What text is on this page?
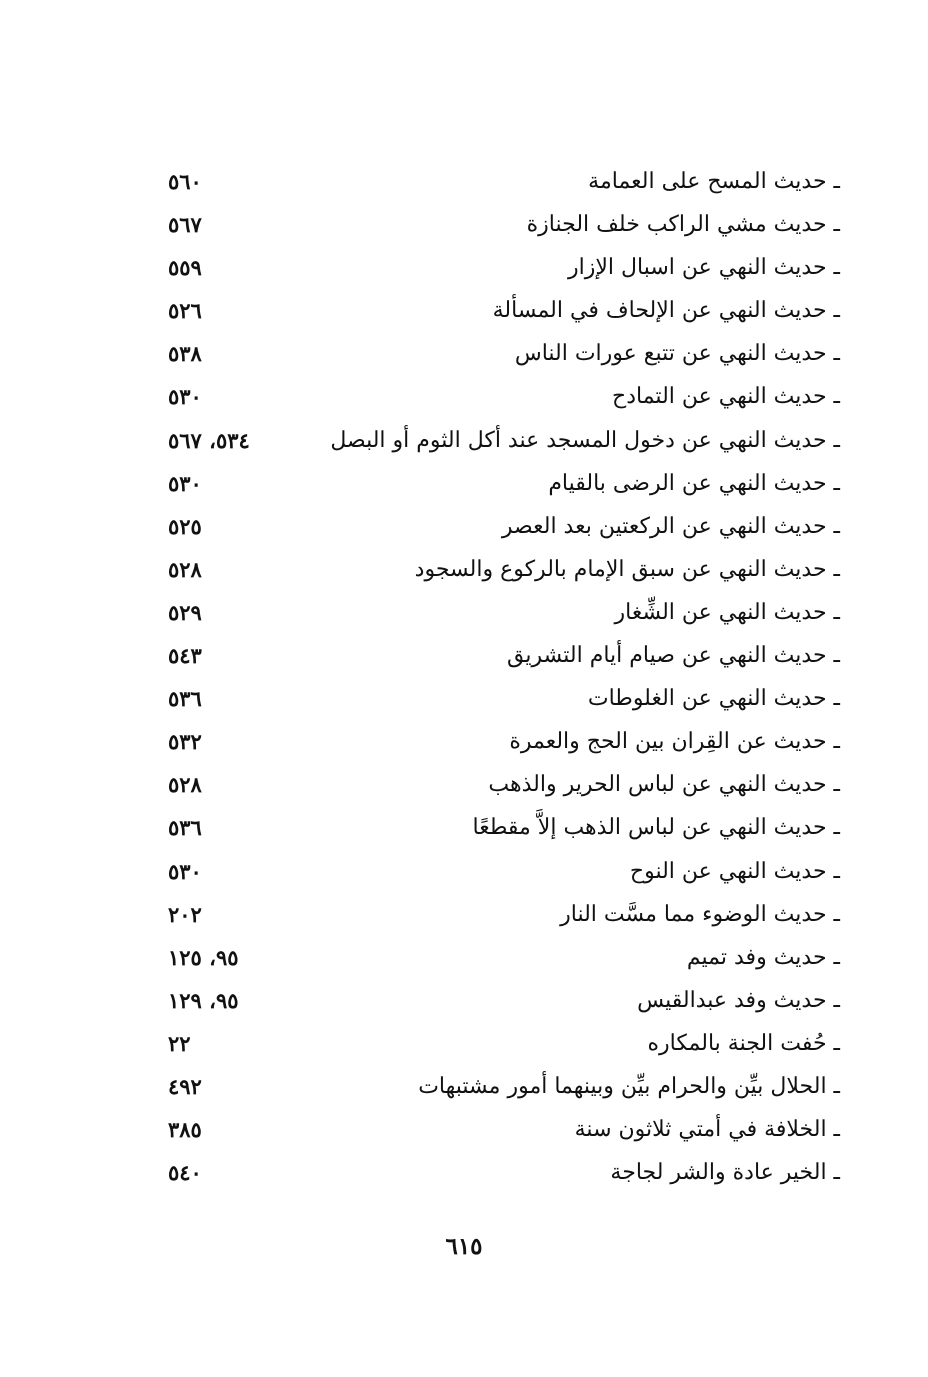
ـ حديث المسح على العمامة
٥٦٠
ـ حديث مشي الراكب خلف الجنازة
٥٦٧
ـ حديث النهي عن اسبال الإزار
٥٥٩
ـ حديث النهي عن الإلحاف في المسألة
٥٢٦
ـ حديث النهي عن تتبع عورات الناس
٥٣٨
ـ حديث النهي عن التمادح
٥٣٠
ـ حديث النهي عن دخول المسجد عند أكل الثوم أو البصل
٥٣٤، ٥٦٧
ـ حديث النهي عن الرضى بالقيام
٥٣٠
ـ حديث النهي عن الركعتين بعد العصر
٥٢٥
ـ حديث النهي عن سبق الإمام بالركوع والسجود
٥٢٨
ـ حديث النهي عن الشِّغار
٥٢٩
ـ حديث النهي عن صيام أيام التشريق
٥٤٣
ـ حديث النهي عن الغلوطات
٥٣٦
ـ حديث عن القِران بين الحج والعمرة
٥٣٢
ـ حديث النهي عن لباس الحرير والذهب
٥٢٨
ـ حديث النهي عن لباس الذهب إلاَّ مقطعًا
٥٣٦
ـ حديث النهي عن النوح
٥٣٠
ـ حديث الوضوء مما مسَّت النار
٢٠٢
ـ حديث وفد تميم
٩٥، ١٢٥
ـ حديث وفد عبدالقيس
٩٥، ١٢٩
ـ حُفت الجنة بالمكاره
٢٢
ـ الحلال بيِّن والحرام بيِّن وبينهما أمور مشتبهات
٤٩٢
ـ الخلافة في أمتي ثلاثون سنة
٣٨٥
ـ الخير عادة والشر لجاجة
٥٤٠
٦١٥
